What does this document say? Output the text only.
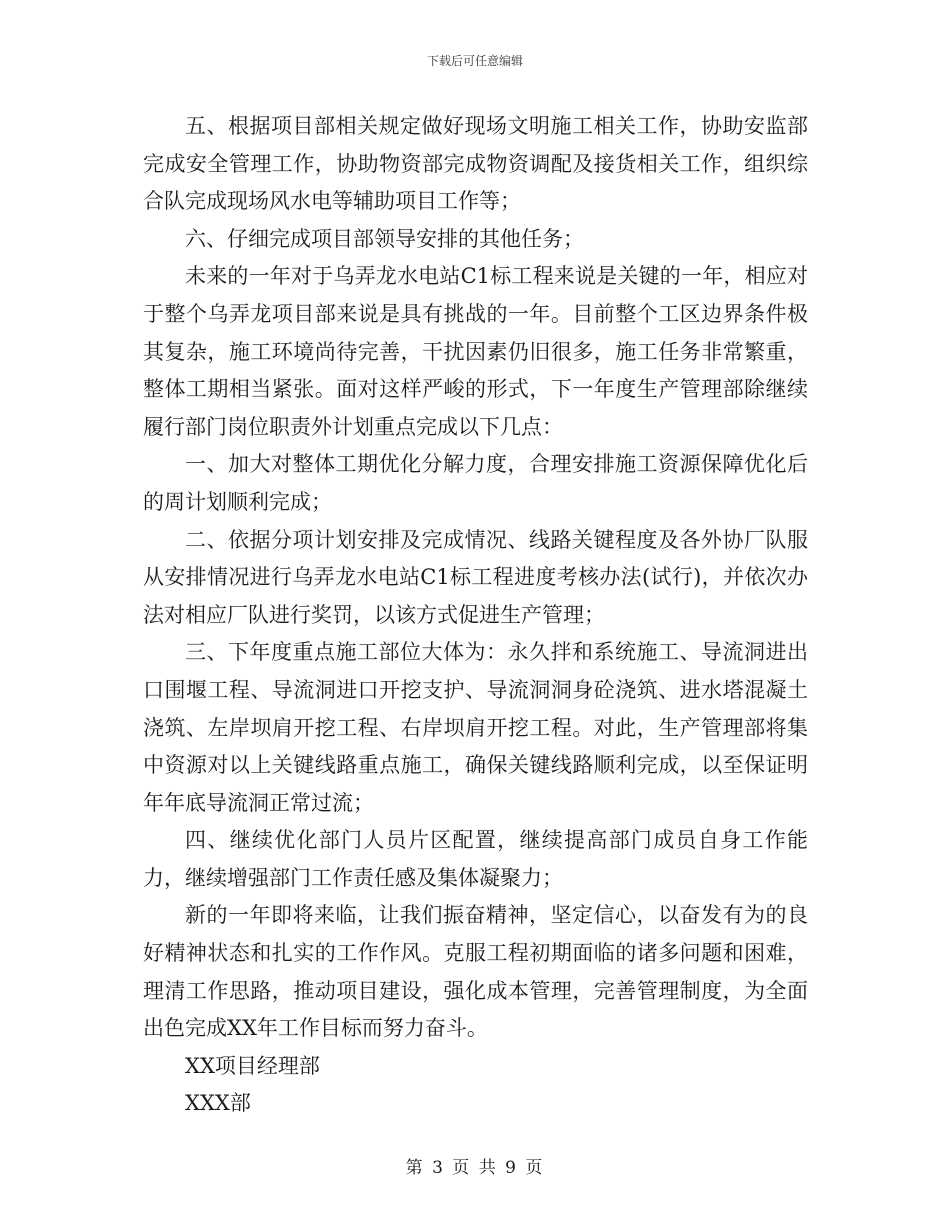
下载后可任意编辑

五、根据项目部相关规定做好现场文明施工相关工作，协助安监部完成安全管理工作，协助物资部完成物资调配及接货相关工作，组织综合队完成现场风水电等辅助项目工作等；

六、仔细完成项目部领导安排的其他任务；

未来的一年对于乌弄龙水电站C1标工程来说是关键的一年，相应对于整个乌弄龙项目部来说是具有挑战的一年。目前整个工区边界条件极其复杂，施工环境尚待完善，干扰因素仍旧很多，施工任务非常繁重，整体工期相当紧张。面对这样严峻的形式，下一年度生产管理部除继续履行部门岗位职责外计划重点完成以下几点：

一、加大对整体工期优化分解力度，合理安排施工资源保障优化后的周计划顺利完成；

二、依据分项计划安排及完成情况、线路关键程度及各外协厂队服从安排情况进行乌弄龙水电站C1标工程进度考核办法(试行)，并依次办法对相应厂队进行奖罚，以该方式促进生产管理；

三、下年度重点施工部位大体为：永久拌和系统施工、导流洞进出口围堰工程、导流洞进口开挖支护、导流洞洞身砼浇筑、进水塔混凝土浇筑、左岸坝肩开挖工程、右岸坝肩开挖工程。对此，生产管理部将集中资源对以上关键线路重点施工，确保关键线路顺利完成，以至保证明年年底导流洞正常过流；

四、继续优化部门人员片区配置，继续提高部门成员自身工作能力，继续增强部门工作责任感及集体凝聚力；

新的一年即将来临，让我们振奋精神，坚定信心，以奋发有为的良好精神状态和扎实的工作作风。克服工程初期面临的诸多问题和困难，理清工作思路，推动项目建设，强化成本管理，完善管理制度，为全面出色完成XX年工作目标而努力奋斗。

XX项目经理部

XXX部

第 3 页 共 9 页
